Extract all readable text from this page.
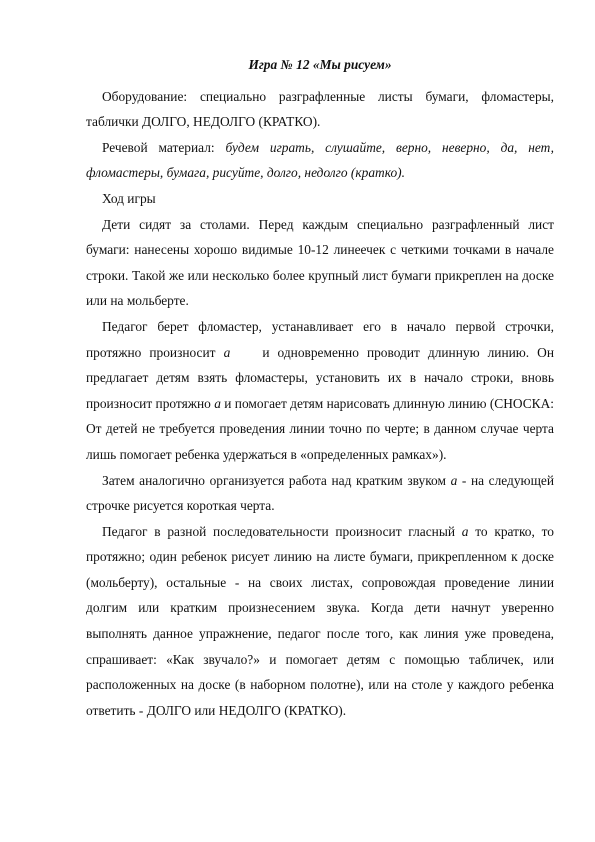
Игра № 12 «Мы рисуем»

Оборудование: специально разграфленные листы бумаги, фломастеры, таблички ДОЛГО, НЕДОЛГО (КРАТКО).

Речевой материал: будем играть, слушайте, верно, неверно, да, нет, фломастеры, бумага, рисуйте, долго, недолго (кратко).

Ход игры

Дети сидят за столами. Перед каждым специально разграфленный лист бумаги: нанесены хорошо видимые 10-12 линеечек с четкими точками в начале строки. Такой же или несколько более крупный лист бумаги прикреплен на доске или на мольберте.

Педагог берет фломастер, устанавливает его в начало первой строчки, протяжно произносит а и одновременно проводит длинную линию. Он предлагает детям взять фломастеры, установить их в начало строки, вновь произносит протяжно а и помогает детям нарисовать длинную линию (СНОСКА: От детей не требуется проведения линии точно по черте; в данном случае черта лишь помогает ребенка удержаться в «определенных рамках»).

Затем аналогично организуется работа над кратким звуком а - на следующей строчке рисуется короткая черта.

Педагог в разной последовательности произносит гласный а то кратко, то протяжно; один ребенок рисует линию на листе бумаги, прикрепленном к доске (мольберту), остальные - на своих листах, сопровождая проведение линии долгим или кратким произнесением звука. Когда дети начнут уверенно выполнять данное упражнение, педагог после того, как линия уже проведена, спрашивает: «Как звучало?» и помогает детям с помощью табличек, или расположенных на доске (в наборном полотне), или на столе у каждого ребенка ответить - ДОЛГО или НЕДОЛГО (КРАТКО).
